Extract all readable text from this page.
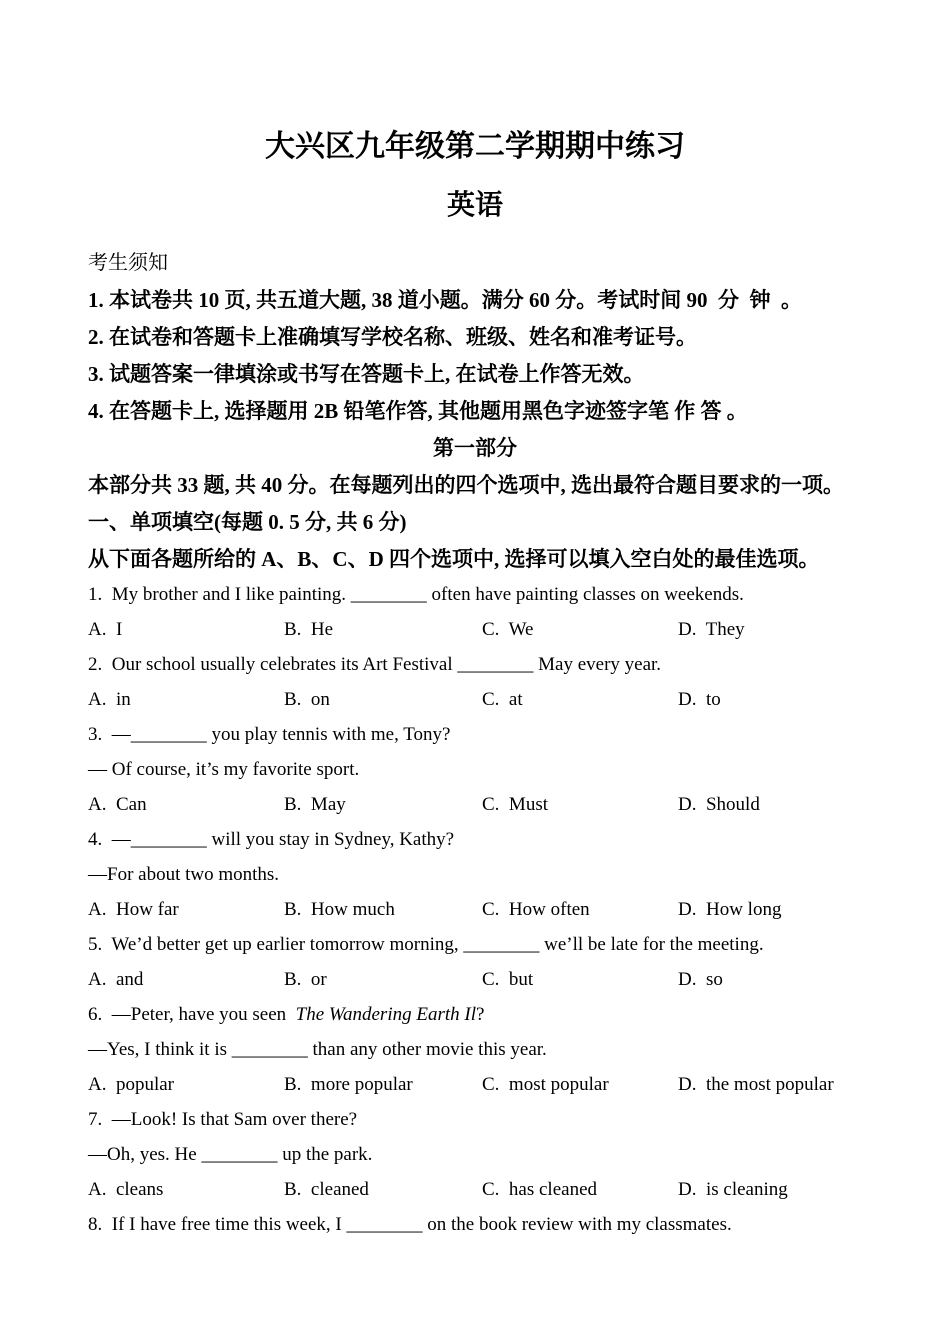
大兴区九年级第二学期期中练习
英语
考生须知
1. 本试卷共 10 页, 共五道大题, 38 道小题。满分 60 分。考试时间 90  分  钟  。
2. 在试卷和答题卡上准确填写学校名称、班级、姓名和准考证号。
3. 试题答案一律填涂或书写在答题卡上, 在试卷上作答无效。
4. 在答题卡上, 选择题用 2B 铅笔作答, 其他题用黑色字迹签字笔 作 答 。
第一部分
本部分共 33 题, 共 40 分。在每题列出的四个选项中, 选出最符合题目要求的一项。
一、单项填空(每题 0. 5 分, 共 6 分)
从下面各题所给的 A、B、C、D 四个选项中, 选择可以填入空白处的最佳选项。
1.  My brother and I like painting. ________ often have painting classes on weekends.
A.  I	B.  He	C.  We	D.  They
2.  Our school usually celebrates its Art Festival ________ May every year.
A.  in	B.  on	C.  at	D.  to
3.  —________ you play tennis with me, Tony?
— Of course, it’s my favorite sport.
A.  Can	B.  May	C.  Must	D.  Should
4.  —________ will you stay in Sydney, Kathy?
—For about two months.
A.  How far	B.  How much	C.  How often	D.  How long
5.  We’d better get up earlier tomorrow morning, ________ we’ll be late for the meeting.
A.  and	B.  or	C.  but	D.  so
6.  —Peter, have you seen  The Wandering Earth Il?
—Yes, I think it is ________ than any other movie this year.
A.  popular	B.  more popular	C.  most popular	D.  the most popular
7.  —Look! Is that Sam over there?
—Oh, yes. He ________ up the park.
A.  cleans	B.  cleaned	C.  has cleaned	D.  is cleaning
8.  If I have free time this week, I ________ on the book review with my classmates.
